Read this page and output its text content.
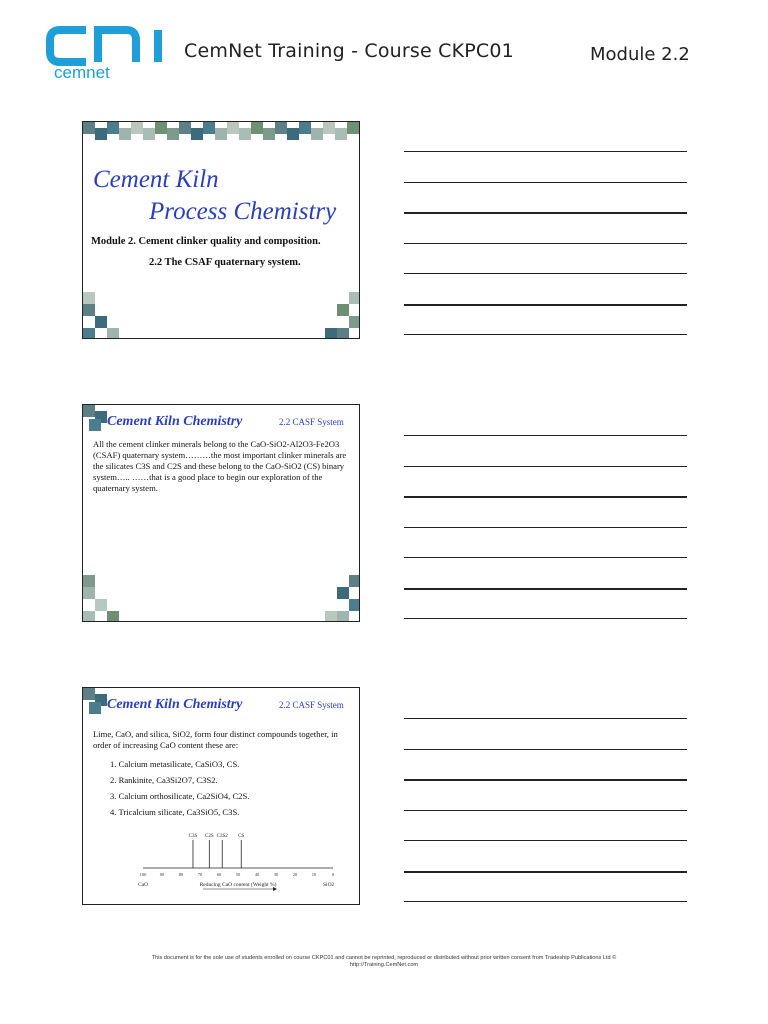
cemnet
CemNet Training - Course CKPC01	Module 2.2
Cement Kiln
Process Chemistry
Module 2. Cement clinker quality and composition.
2.2 The CSAF quaternary system.
Cement Kiln Chemistry	2.2 CASF System
All the cement clinker minerals belong to the CaO-SiO2-Al2O3-Fe2O3 (CSAF) quaternary system………the most important clinker minerals are the silicates C3S and C2S and these belong to the CaO-SiO2 (CS) binary system….. ……that is a good place to begin our exploration of the quaternary system.
Cement Kiln Chemistry	2.2 CASF System
Lime, CaO, and silica, SiO2, form four distinct compounds together, in order of increasing CaO content these are:
1. Calcium metasilicate, CaSiO3, CS.
2. Rankinite, Ca3Si2O7, C3S2.
3. Calcium orthosilicate, Ca2SiO4, C2S.
4. Tricalcium silicate, Ca3SiO5, C3S.
100	90	80	70	60	50	40	30	20	10	0
C3S C2S C3S2 CS
CaO	SiO2
Reducing CaO content (Weight %)
This document is for the sole use of students enrolled on course CKPC01 and cannot be reprinted, reproduced or distributed without prior written consent from Tradeship Publications Ltd ©
http://Training.CemNet.com
